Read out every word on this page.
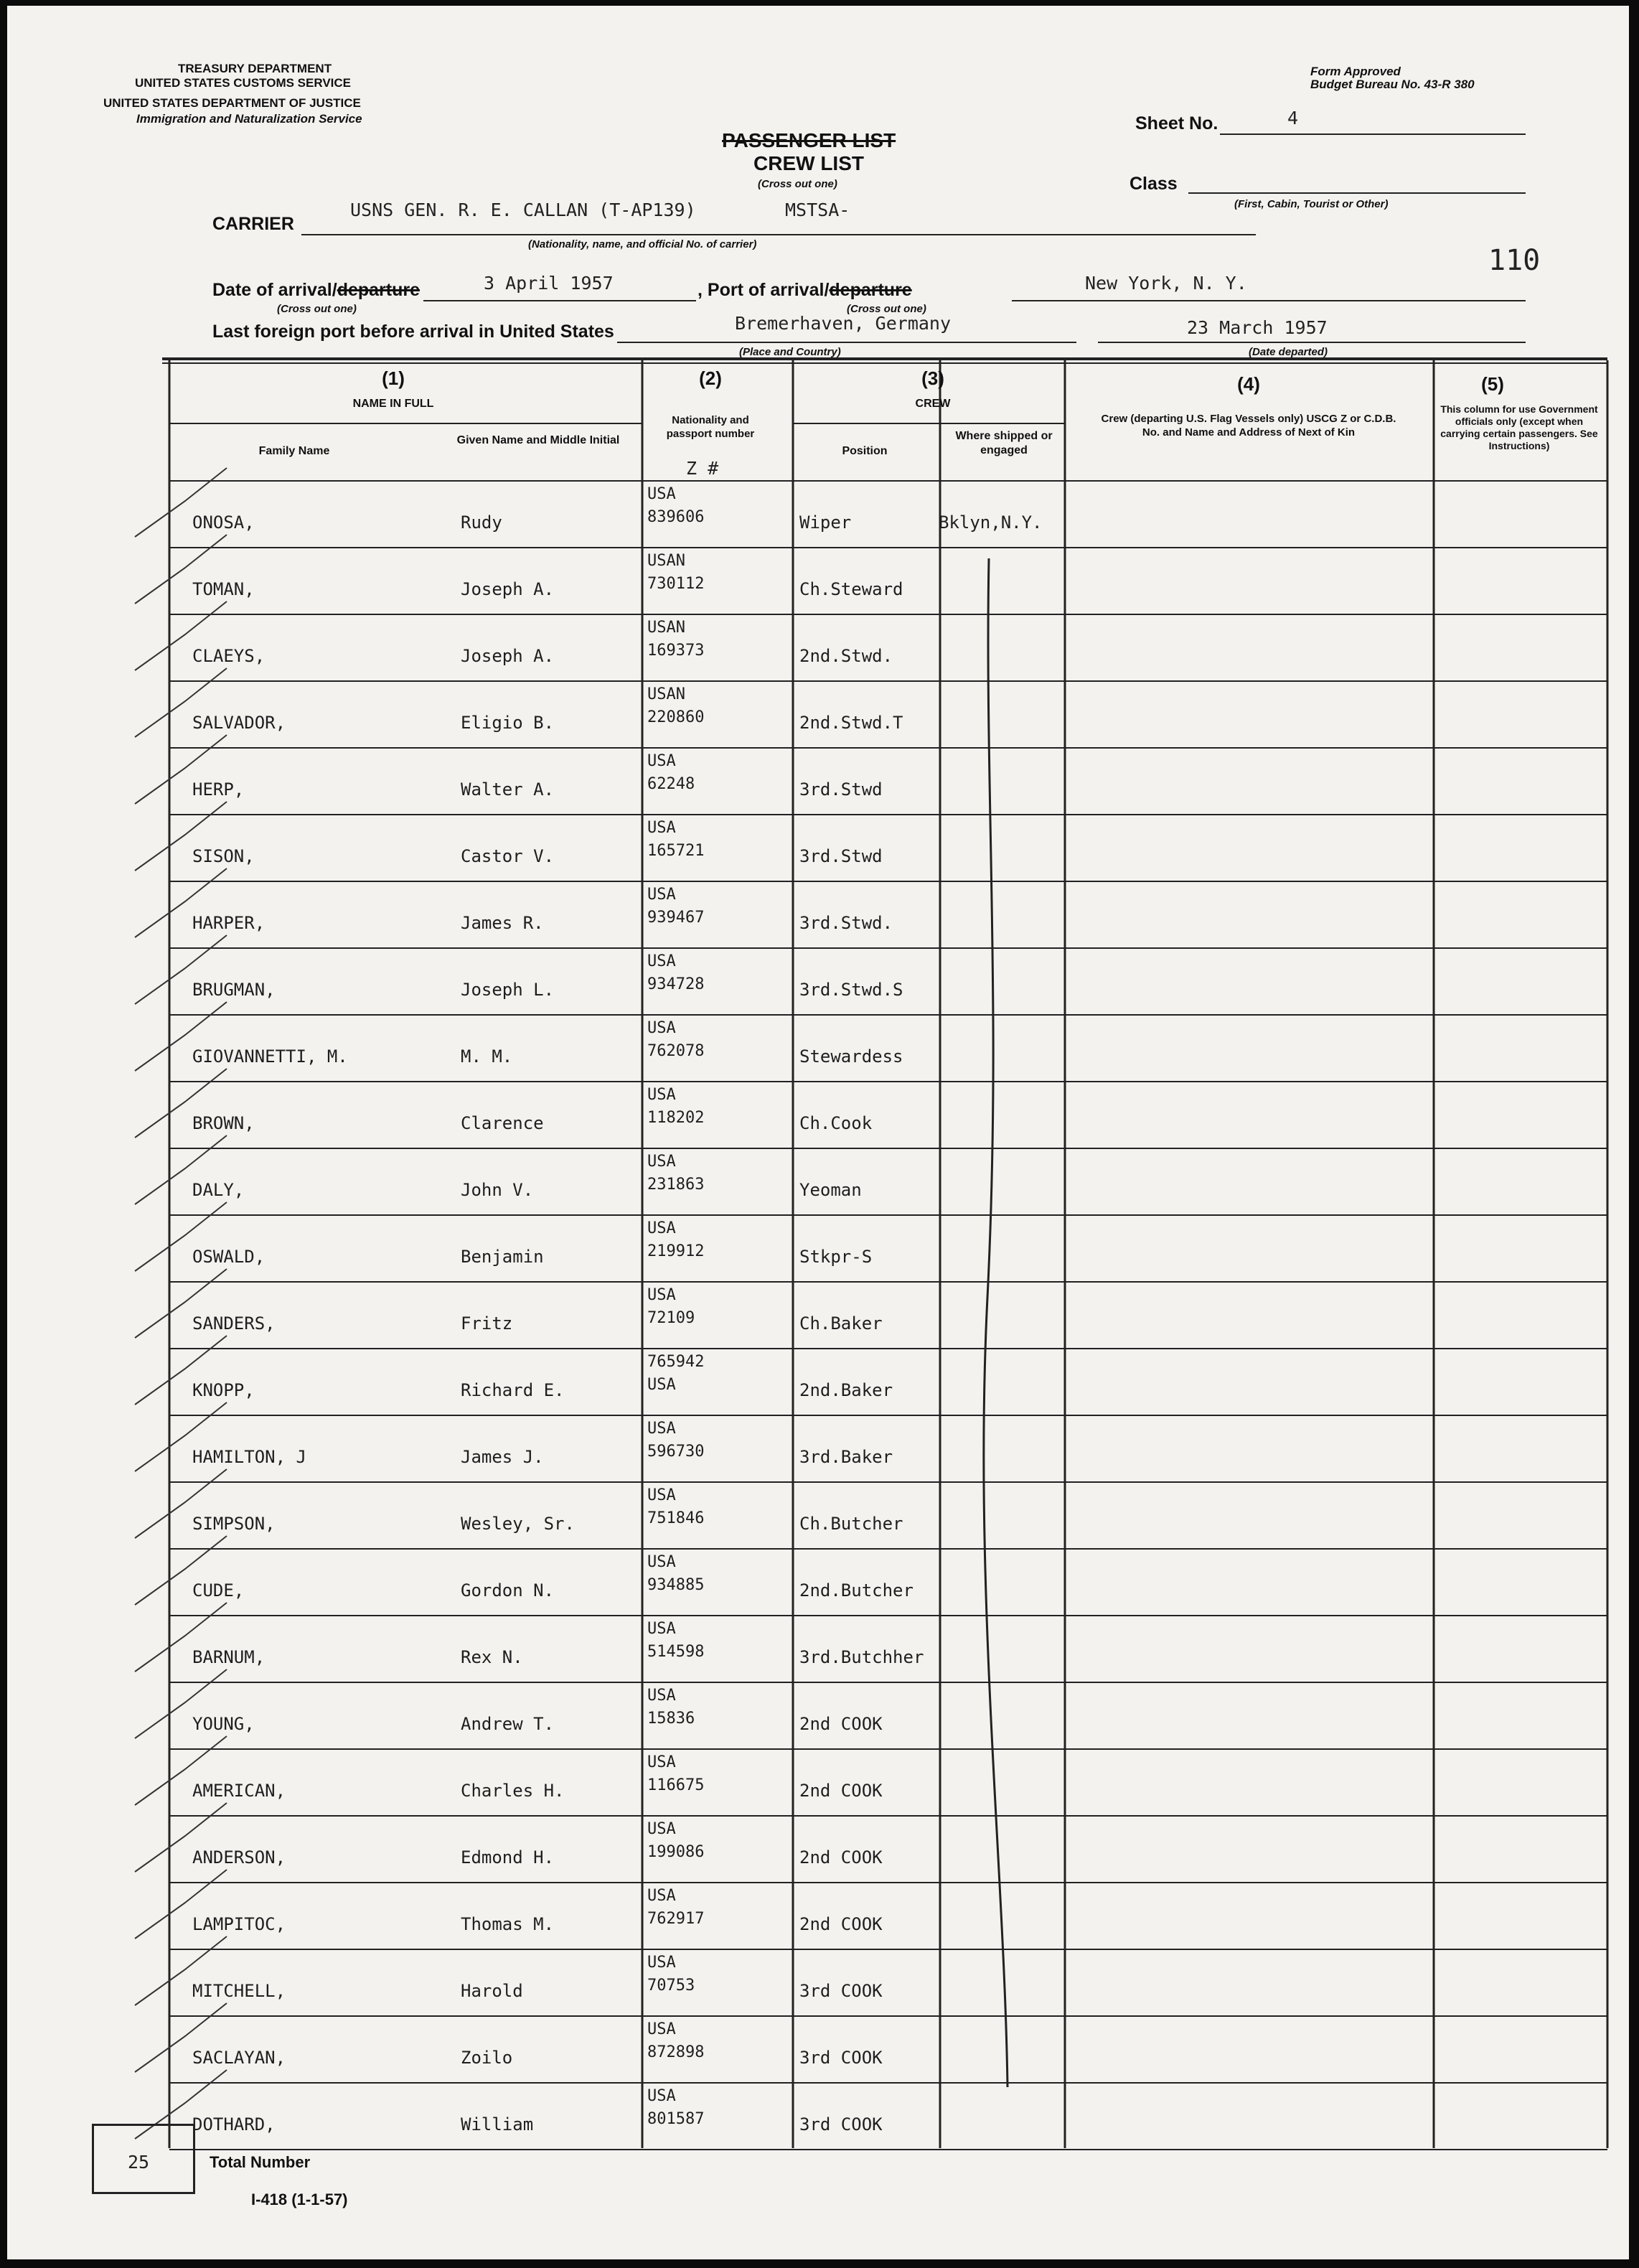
TREASURY DEPARTMENT
UNITED STATES CUSTOMS SERVICE
UNITED STATES DEPARTMENT OF JUSTICE
Immigration and Naturalization Service
Form Approved
Budget Bureau No. 43-R 380
Sheet No.	4
PASSENGER LIST
CREW LIST
(Cross out one)	Class
(First, Cabin, Tourist or Other)
CARRIER
USNS GEN. R. E. CALLAN (T-AP139)	MSTSA-
(Nationality, name, and official No. of carrier)	110
Date of arrival/departure	3 April 1957	, Port of arrival/departure	New York, N. Y.
(Cross out one)	(Cross out one)
Last foreign port before arrival in United States	Bremerhaven, Germany
(Place and Country)
23 March 1957
(Date departed)
(1)
NAME IN FULL
Family Name
Given Name and Middle Initial
(2)
Nationality and passport number
Z #
(3)
CREW
Position
Where shipped or engaged
(4)
Crew (departing U.S. Flag Vessels only) USCG Z or C.D.B. No. and Name and Address of Next of Kin
(5)
This column for use Government officials only (except when carrying certain passengers. See Instructions)
ONOSA,	Rudy
USA
839606	Wiper	Bklyn,N.Y.
TOMAN,	Joseph A.
USAN
730112	Ch.Steward
CLAEYS,	Joseph A.
USAN
169373	2nd.Stwd.
SALVADOR,	Eligio B.
USAN
220860	2nd.Stwd.T
HERP,	Walter A.
USA
62248	3rd.Stwd
SISON,	Castor V.
USA
165721	3rd.Stwd
HARPER,	James R.
USA
939467	3rd.Stwd.
BRUGMAN,	Joseph L.
USA
934728	3rd.Stwd.S
GIOVANNETTI, M.	M. M.
USA
762078	Stewardess
BROWN,	Clarence
USA
118202	Ch.Cook
DALY,	John V.
USA
231863	Yeoman
OSWALD,	Benjamin
USA
219912	Stkpr-S
SANDERS,	Fritz
USA
72109	Ch.Baker
KNOPP,	Richard E.
765942
USA	2nd.Baker
HAMILTON, J	James J.
USA
596730	3rd.Baker
SIMPSON,	Wesley, Sr.
USA
751846	Ch.Butcher
CUDE,	Gordon N.
USA
934885	2nd.Butcher
BARNUM,	Rex N.
USA
514598	3rd.Butchher
YOUNG,	Andrew T.
USA
15836	2nd COOK
AMERICAN,	Charles H.
USA
116675	2nd COOK
ANDERSON,	Edmond H.
USA
199086	2nd COOK
LAMPITOC,	Thomas M.
USA
762917	2nd COOK
MITCHELL,	Harold
USA
70753	3rd COOK
SACLAYAN,	Zoilo
USA
872898	3rd COOK
DOTHARD,	William
USA
801587	3rd COOK
25	Total Number
I-418 (1-1-57)
